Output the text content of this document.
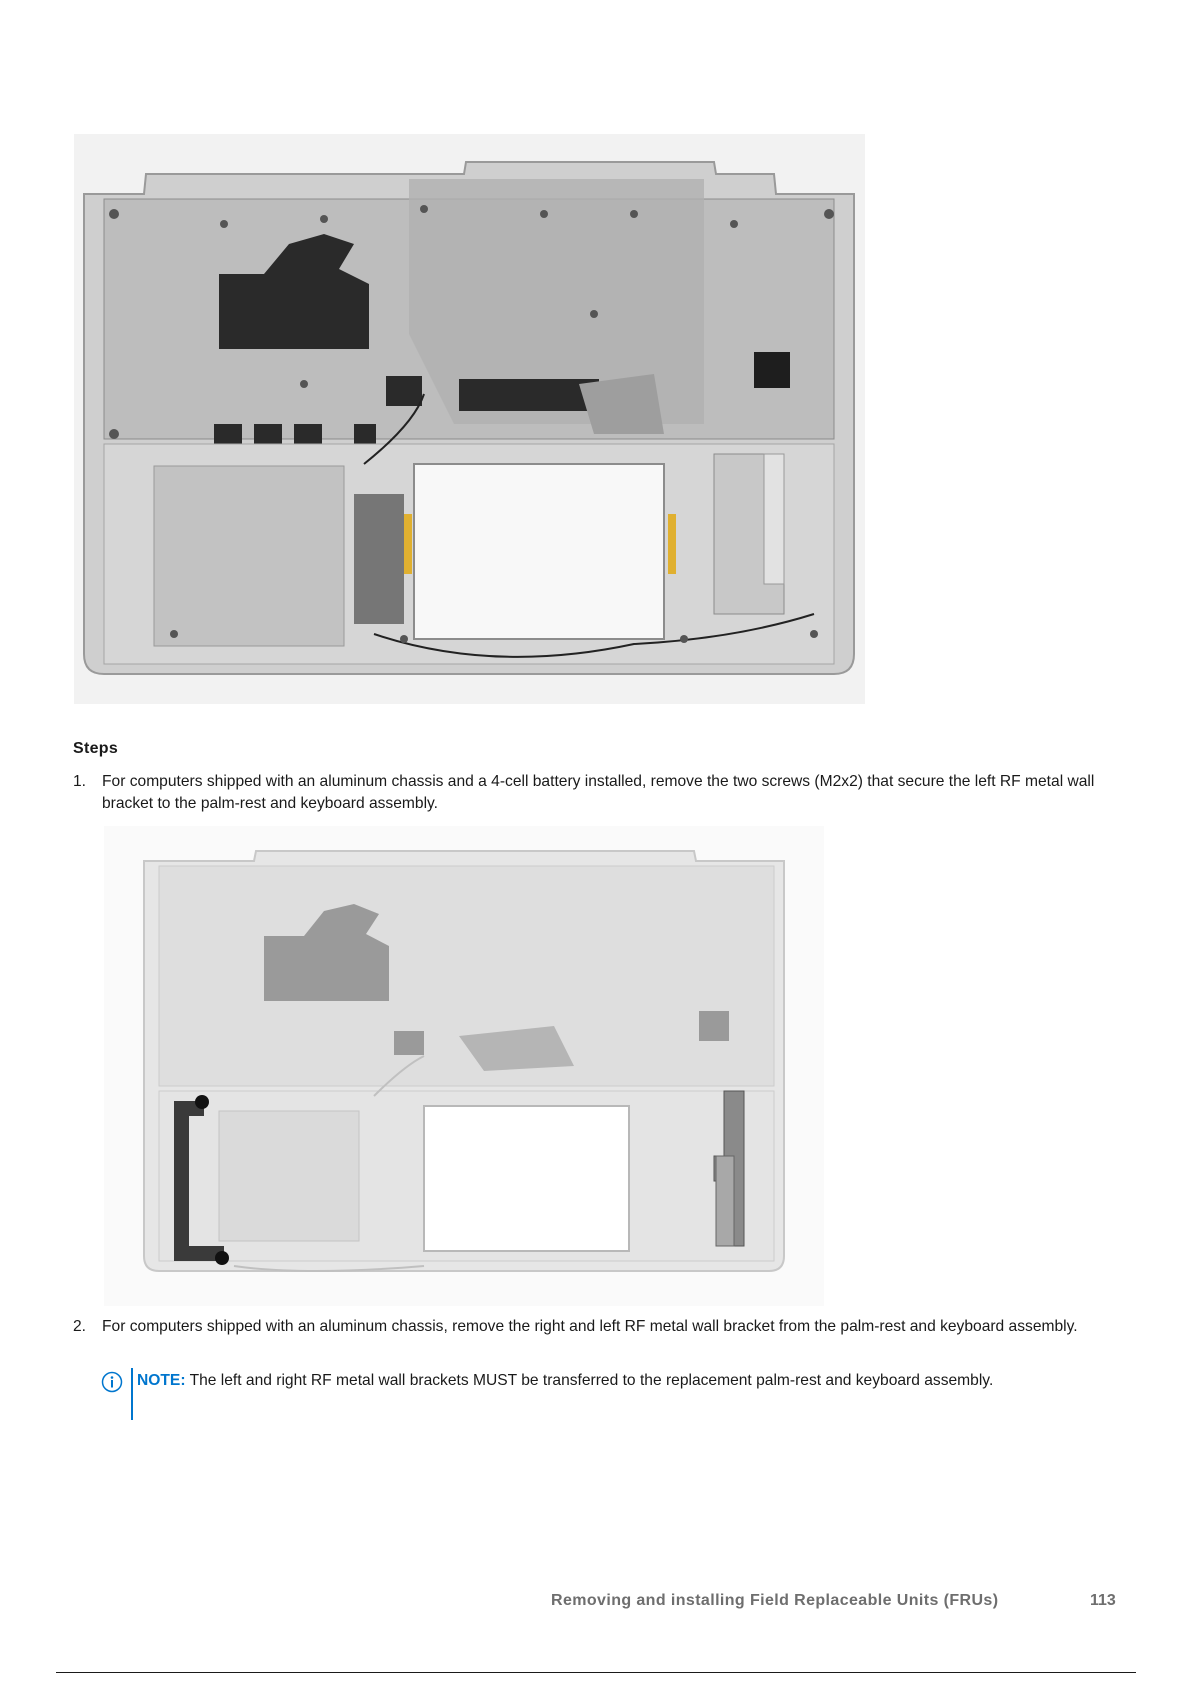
Steps
1. For computers shipped with an aluminum chassis and a 4-cell battery installed, remove the two screws (M2x2) that secure the left RF metal wall bracket to the palm-rest and keyboard assembly.
2. For computers shipped with an aluminum chassis, remove the right and left RF metal wall bracket from the palm-rest and keyboard assembly.
NOTE: The left and right RF metal wall brackets MUST be transferred to the replacement palm-rest and keyboard assembly.
Removing and installing Field Replaceable Units (FRUs)	113
